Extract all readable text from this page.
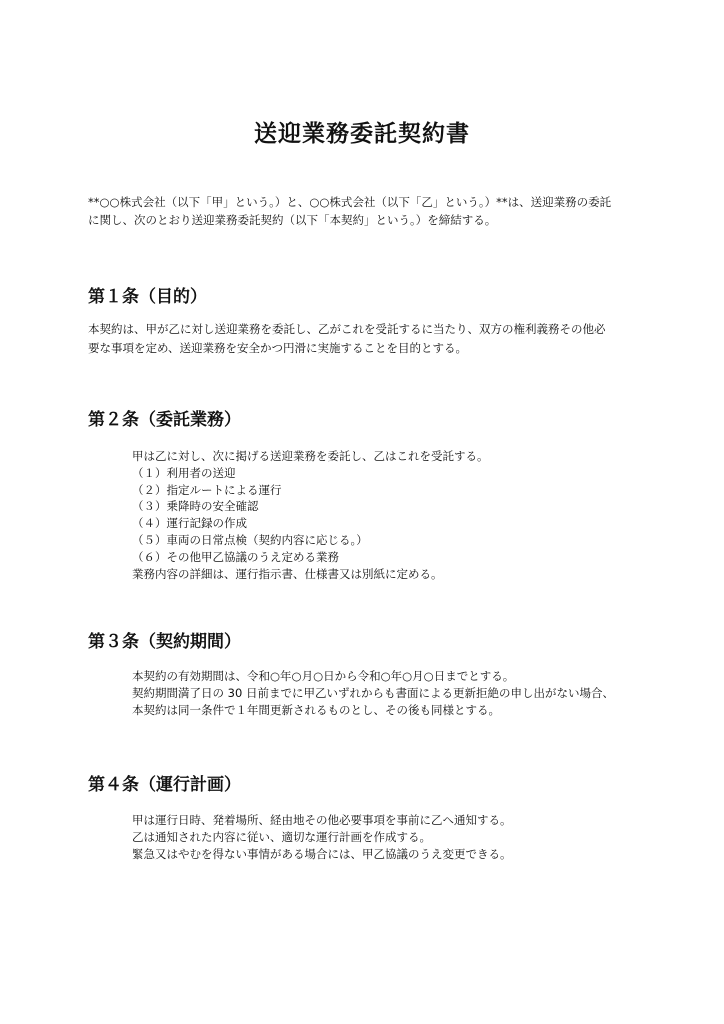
送迎業務委託契約書

**○○株式会社（以下「甲」という。）と、○○株式会社（以下「乙」という。）**は、送迎業務の委託

に関し、次のとおり送迎業務委託契約（以下「本契約」という。）を締結する。

第１条（目的）

本契約は、甲が乙に対し送迎業務を委託し、乙がこれを受託するに当たり、双方の権利義務その他必

要な事項を定め、送迎業務を安全かつ円滑に実施することを目的とする。

第２条（委託業務）

甲は乙に対し、次に掲げる送迎業務を委託し、乙はこれを受託する。

（１）利用者の送迎
（２）指定ルートによる運行
（３）乗降時の安全確認
（４）運行記録の作成
（５）車両の日常点検（契約内容に応じる。）
（６）その他甲乙協議のうえ定める業務

業務内容の詳細は、運行指示書、仕様書又は別紙に定める。

第３条（契約期間）

本契約の有効期間は、令和○年○月○日から令和○年○月○日までとする。

契約期間満了日の 30 日前までに甲乙いずれからも書面による更新拒絶の申し出がない場合、

本契約は同一条件で１年間更新されるものとし、その後も同様とする。

第４条（運行計画）

甲は運行日時、発着場所、経由地その他必要事項を事前に乙へ通知する。

乙は通知された内容に従い、適切な運行計画を作成する。

緊急又はやむを得ない事情がある場合には、甲乙協議のうえ変更できる。
